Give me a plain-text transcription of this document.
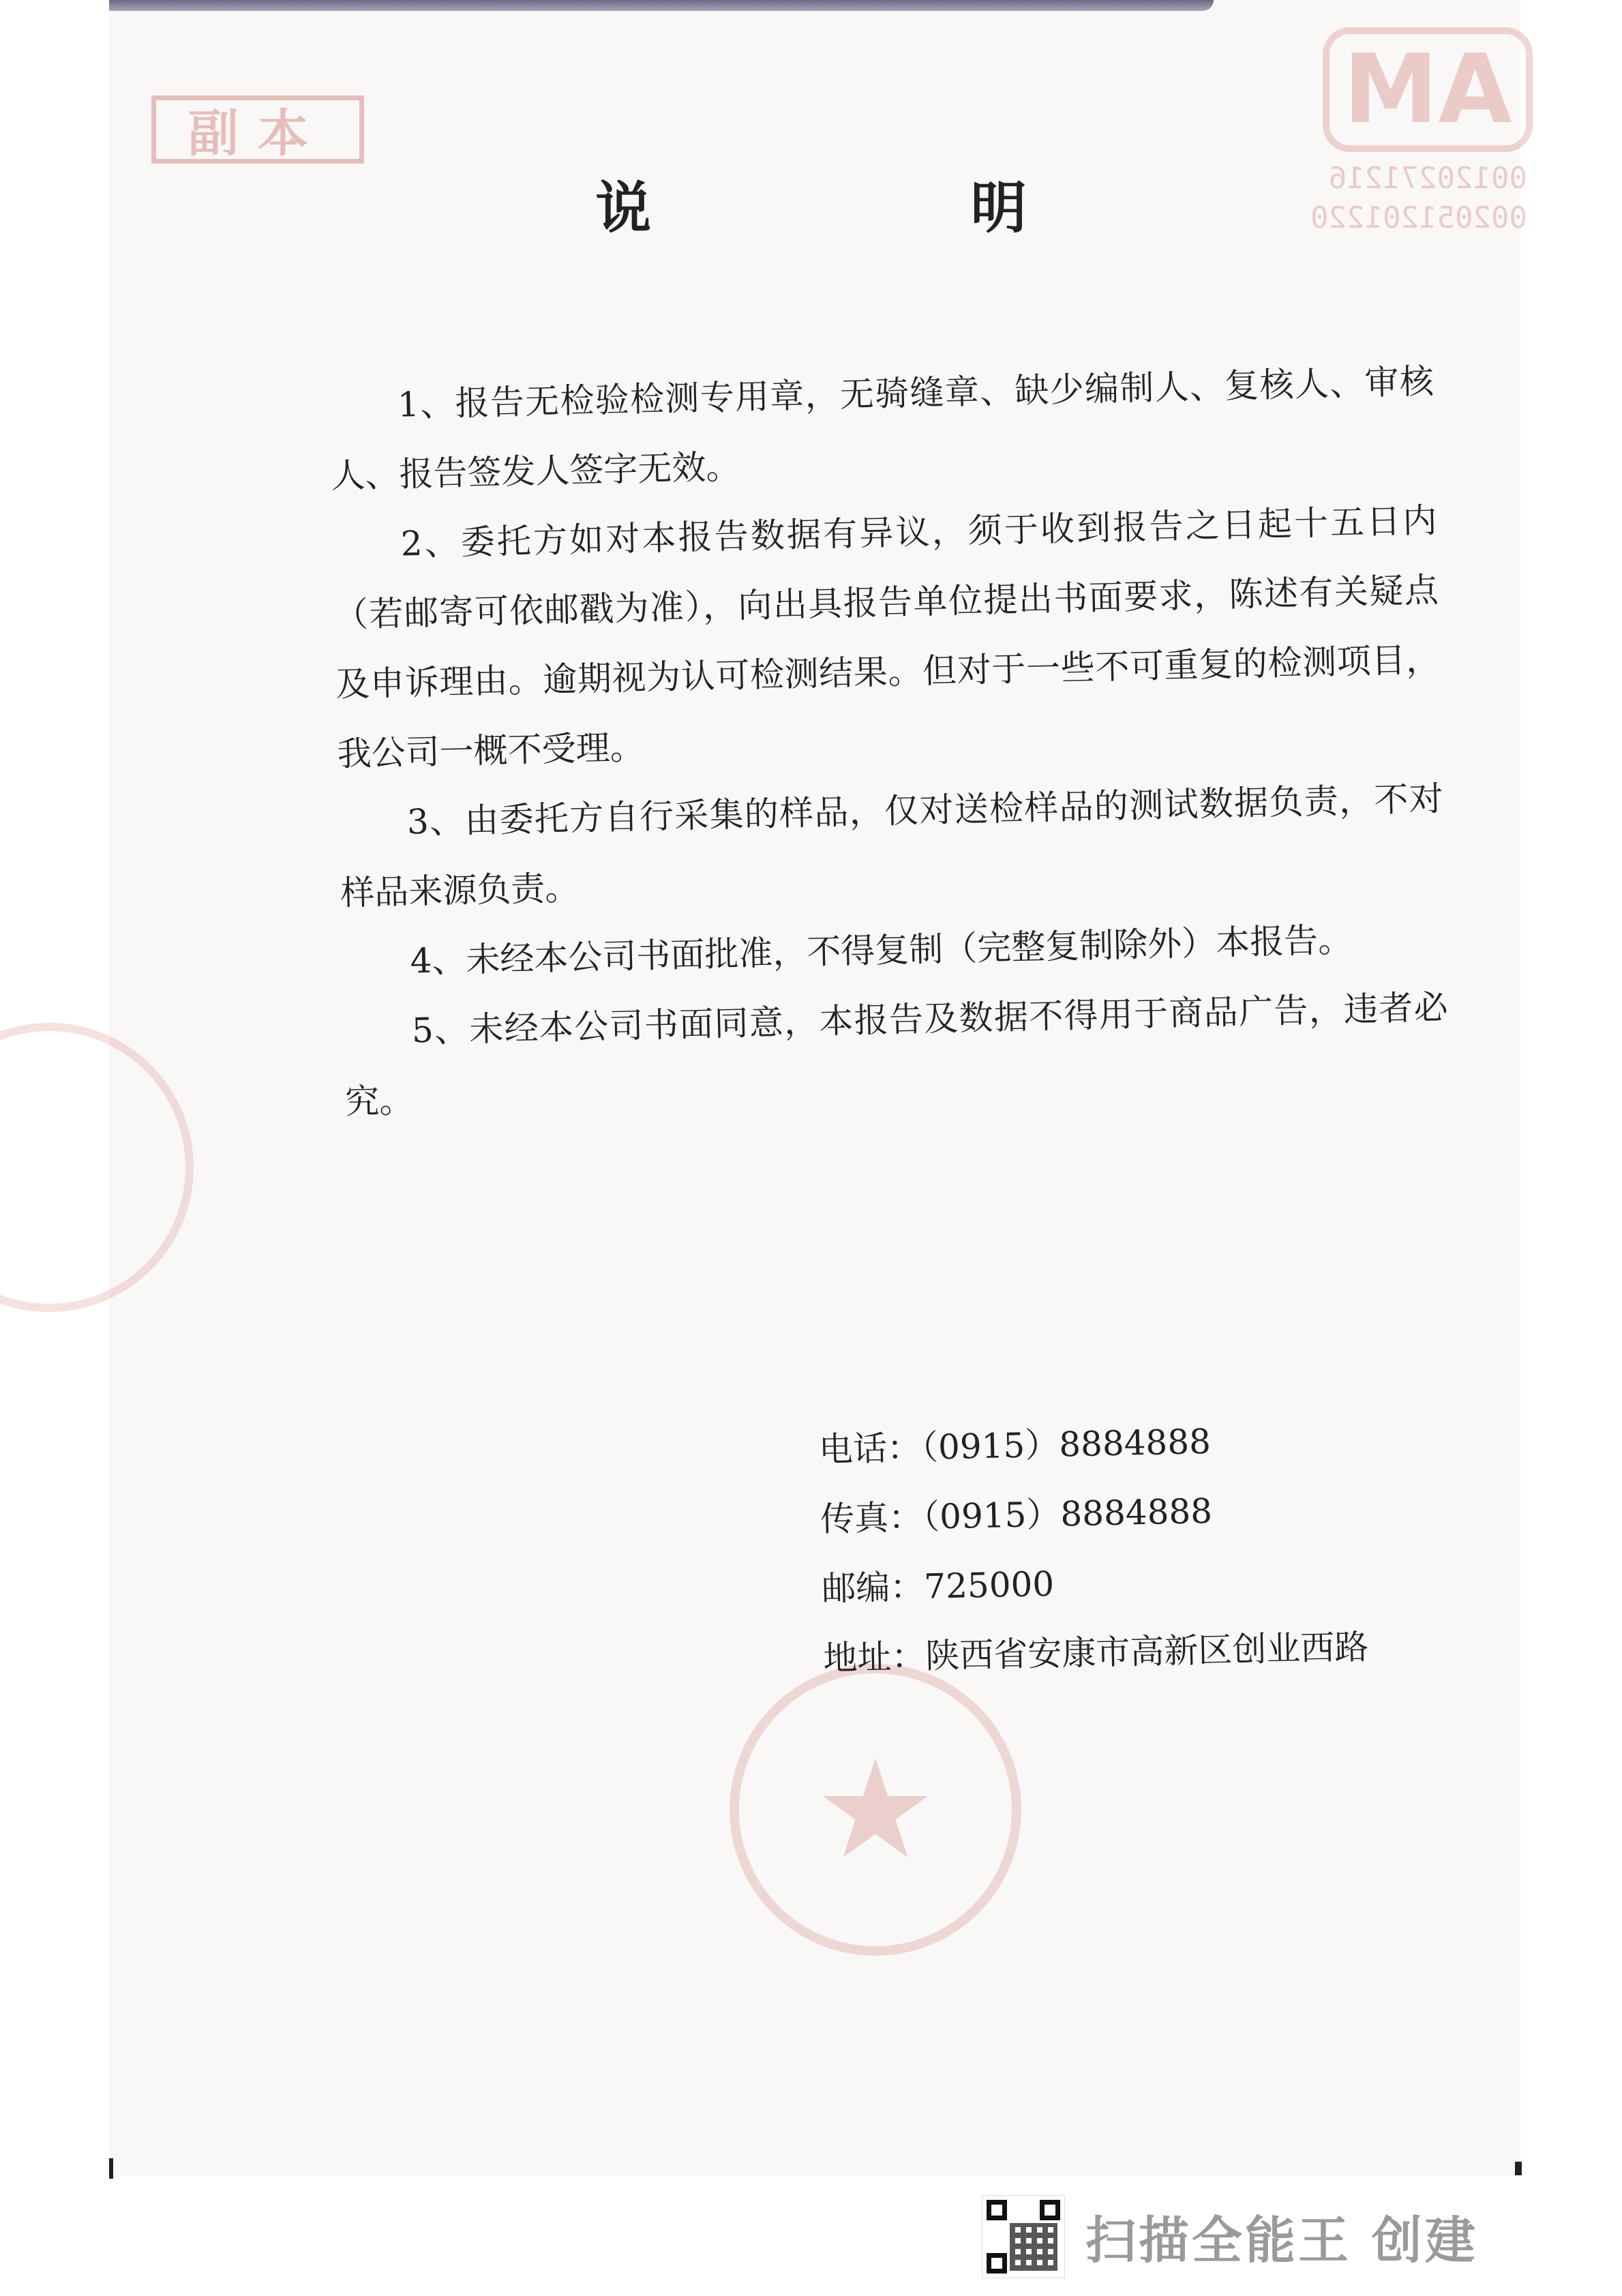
副本	MA
00120271216
002051201220
★
说 明

1、报告无检验检测专用章，无骑缝章、缺少编制人、复核人、审核人、报告签发人签字无效。

2、委托方如对本报告数据有异议，须于收到报告之日起十五日内（若邮寄可依邮戳为准），向出具报告单位提出书面要求，陈述有关疑点及申诉理由。逾期视为认可检测结果。但对于一些不可重复的检测项目，我公司一概不受理。

3、由委托方自行采集的样品，仅对送检样品的测试数据负责，不对样品来源负责。

4、未经本公司书面批准，不得复制（完整复制除外）本报告。

5、未经本公司书面同意，本报告及数据不得用于商品广告，违者必究。

电话：（0915）8884888
传真：（0915）8884888
邮编：725000
地址：陕西省安康市高新区创业西路
扫描全能王 创建
